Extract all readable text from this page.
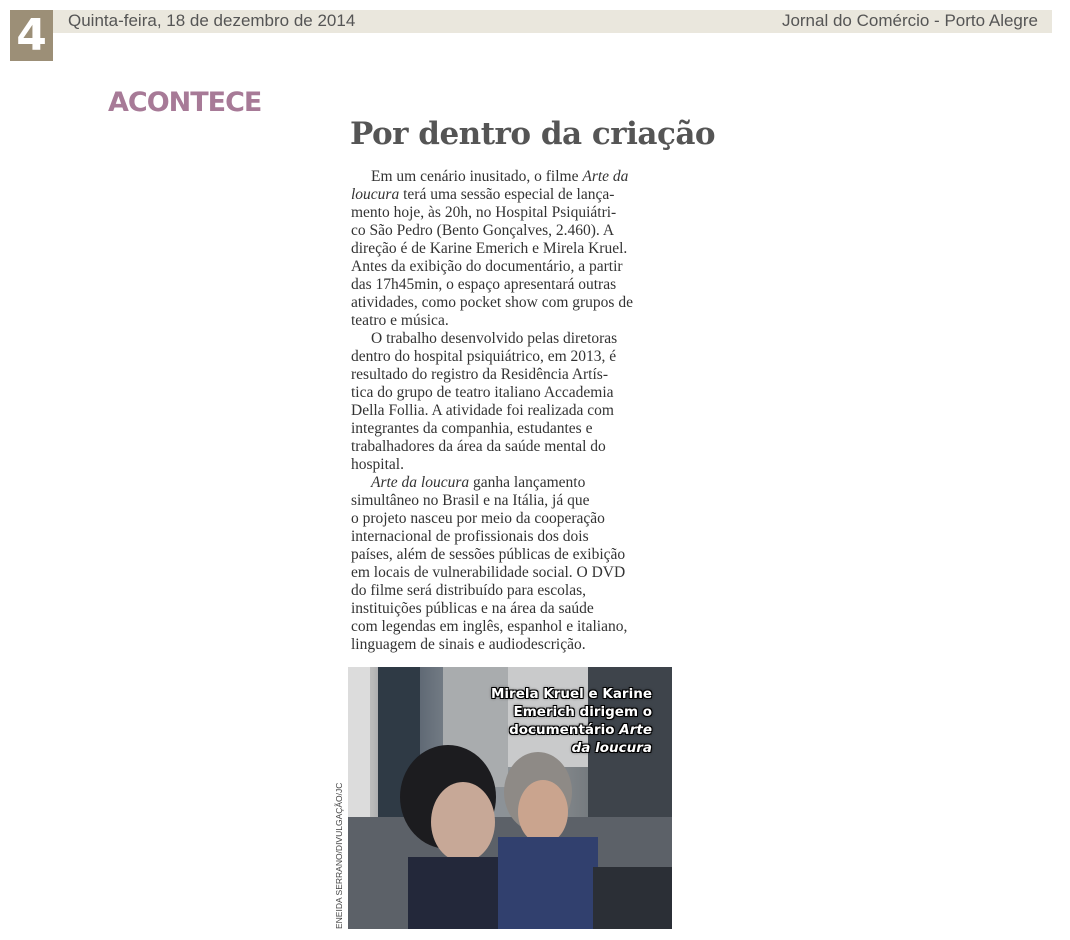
4	Quinta-feira, 18 de dezembro de 2014	Jornal do Comércio - Porto Alegre
ACONTECE
Por dentro da criação

Em um cenário inusitado, o filme Arte da
loucura terá uma sessão especial de lança-
mento hoje, às 20h, no Hospital Psiquiátri-
co São Pedro (Bento Gonçalves, 2.460). A
direção é de Karine Emerich e Mirela Kruel.
Antes da exibição do documentário, a partir
das 17h45min, o espaço apresentará outras
atividades, como pocket show com grupos de
teatro e música.

O trabalho desenvolvido pelas diretoras
dentro do hospital psiquiátrico, em 2013, é
resultado do registro da Residência Artís-
tica do grupo de teatro italiano Accademia
Della Follia. A atividade foi realizada com
integrantes da companhia, estudantes e
trabalhadores da área da saúde mental do
hospital.

Arte da loucura ganha lançamento
simultâneo no Brasil e na Itália, já que
o projeto nasceu por meio da cooperação
internacional de profissionais dos dois
países, além de sessões públicas de exibição
em locais de vulnerabilidade social. O DVD
do filme será distribuído para escolas,
instituições públicas e na área da saúde
com legendas em inglês, espanhol e italiano,
linguagem de sinais e audiodescrição.

Mirela Kruel e Karine
Emerich dirigem o
documentário Arte
da loucura
ENEIDA SERRANO/DIVULGAÇÃO/JC
